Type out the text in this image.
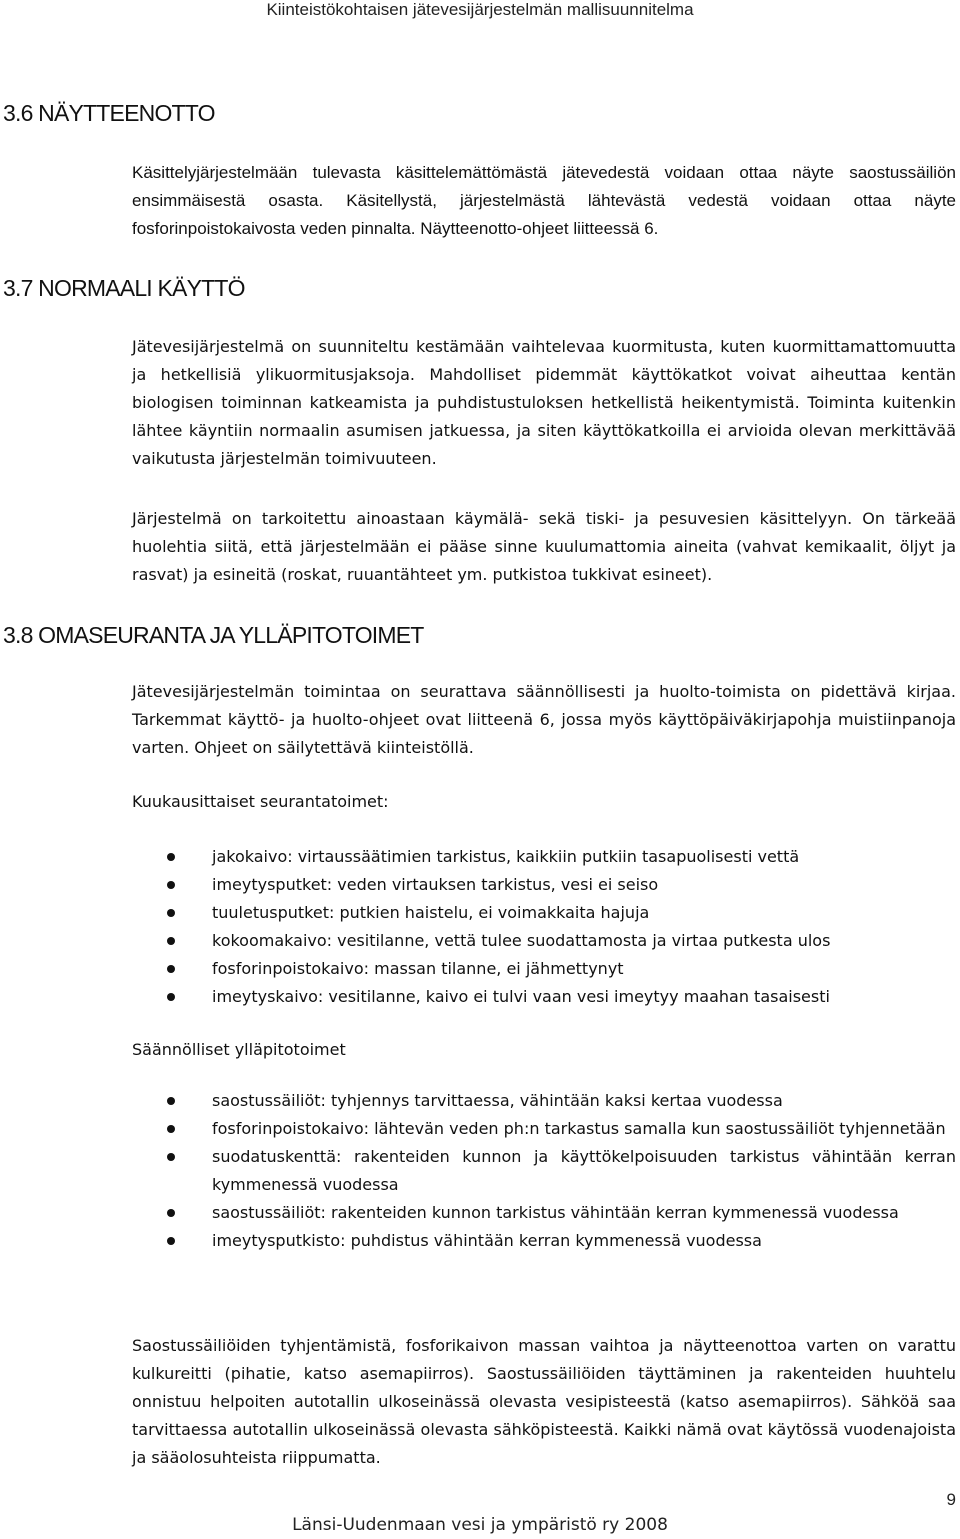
Kiinteistökohtaisen jätevesijärjestelmän mallisuunnitelma
3.6 NÄYTTEENOTTO

Käsittelyjärjestelmään tulevasta käsittelemättömästä jätevedestä voidaan ottaa näyte saostussäiliön ensimmäisestä osasta. Käsitellystä, järjestelmästä lähtevästä vedestä voidaan ottaa näyte fosforinpoistokaivosta veden pinnalta. Näytteenotto-ohjeet liitteessä 6.

3.7 NORMAALI KÄYTTÖ

Jätevesijärjestelmä on suunniteltu kestämään vaihtelevaa kuormitusta, kuten kuormittamattomuutta ja hetkellisiä ylikuormitusjaksoja. Mahdolliset pidemmät käyttökatkot voivat aiheuttaa kentän biologisen toiminnan katkeamista ja puhdistustuloksen hetkellistä heikentymistä. Toiminta kuitenkin lähtee käyntiin normaalin asumisen jatkuessa, ja siten käyttökatkoilla ei arvioida olevan merkittävää vaikutusta järjestelmän toimivuuteen.

Järjestelmä on tarkoitettu ainoastaan käymälä- sekä tiski- ja pesuvesien käsittelyyn. On tärkeää huolehtia siitä, että järjestelmään ei pääse sinne kuulumattomia aineita (vahvat kemikaalit, öljyt ja rasvat) ja esineitä (roskat, ruuantähteet ym. putkistoa tukkivat esineet).

3.8 OMASEURANTA JA YLLÄPITOTOIMET

Jätevesijärjestelmän toimintaa on seurattava säännöllisesti ja huolto-toimista on pidettävä kirjaa. Tarkemmat käyttö- ja huolto-ohjeet ovat liitteenä 6, jossa myös käyttöpäiväkirjapohja muistiinpanoja varten. Ohjeet on säilytettävä kiinteistöllä.

Kuukausittaiset seurantatoimet:

jakokaivo: virtaussäätimien tarkistus, kaikkiin putkiin tasapuolisesti vettä
imeytysputket: veden virtauksen tarkistus, vesi ei seiso
tuuletusputket: putkien haistelu, ei voimakkaita hajuja
kokoomakaivo: vesitilanne, vettä tulee suodattamosta ja virtaa putkesta ulos
fosforinpoistokaivo: massan tilanne, ei jähmettynyt
imeytyskaivo: vesitilanne, kaivo ei tulvi vaan vesi imeytyy maahan tasaisesti

Säännölliset ylläpitotoimet

saostussäiliöt: tyhjennys tarvittaessa, vähintään kaksi kertaa vuodessa
fosforinpoistokaivo: lähtevän veden ph:n tarkastus samalla kun saostussäiliöt tyhjennetään
suodatuskenttä: rakenteiden kunnon ja käyttökelpoisuuden tarkistus vähintään kerran kymmenessä vuodessa
saostussäiliöt: rakenteiden kunnon tarkistus vähintään kerran kymmenessä vuodessa
imeytysputkisto: puhdistus vähintään kerran kymmenessä vuodessa

Saostussäiliöiden tyhjentämistä, fosforikaivon massan vaihtoa ja näytteenottoa varten on varattu kulkureitti (pihatie, katso asemapiirros). Saostussäiliöiden täyttäminen ja rakenteiden huuhtelu onnistuu helpoiten autotallin ulkoseinässä olevasta vesipisteestä (katso asemapiirros). Sähköä saa tarvittaessa autotallin ulkoseinässä olevasta sähköpisteestä. Kaikki nämä ovat käytössä vuodenajoista ja sääolosuhteista riippumatta.

9
Länsi-Uudenmaan vesi ja ympäristö ry 2008
